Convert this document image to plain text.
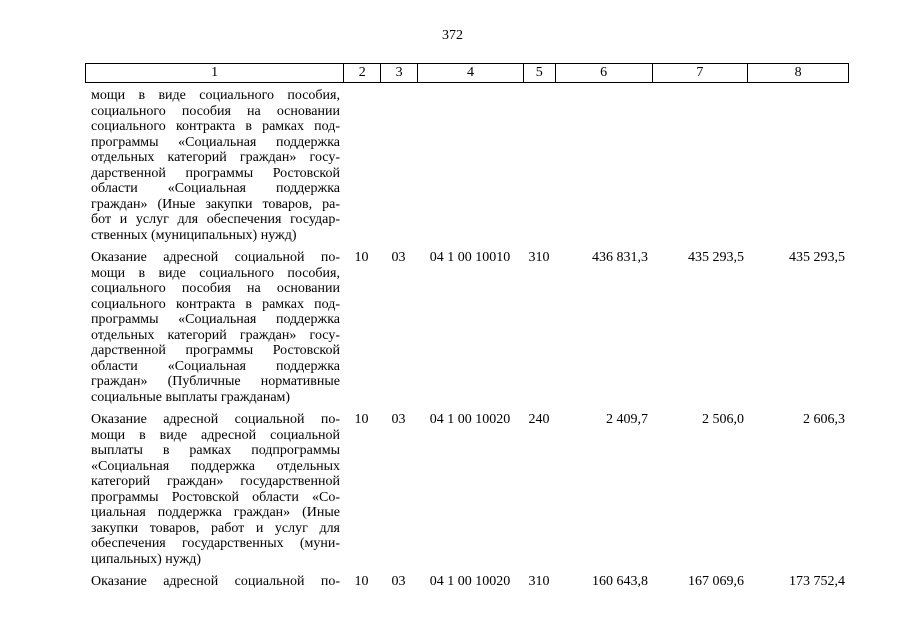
372
1	2	3	4	5	6	7	8
мощи в виде социального пособия,
социального пособия на основании
социального контракта в рамках под-
программы «Социальная поддержка
отдельных категорий граждан» госу-
дарственной программы Ростовской
области «Социальная поддержка
граждан» (Иные закупки товаров, ра-
бот и услуг для обеспечения государ-
ственных (муниципальных) нужд)
Оказание адресной социальной по-
мощи в виде социального пособия,
социального пособия на основании
социального контракта в рамках под-
программы «Социальная поддержка
отдельных категорий граждан» госу-
дарственной программы Ростовской
области «Социальная поддержка
граждан» (Публичные нормативные
социальные выплаты гражданам)
10	03	04 1 00 10010	310	436 831,3	435 293,5	435 293,5
Оказание адресной социальной по-
мощи в виде адресной социальной
выплаты в рамках подпрограммы
«Социальная поддержка отдельных
категорий граждан» государственной
программы Ростовской области «Со-
циальная поддержка граждан» (Иные
закупки товаров, работ и услуг для
обеспечения государственных (муни-
ципальных) нужд)
10	03	04 1 00 10020	240	2 409,7	2 506,0	2 606,3
Оказание адресной социальной по-	10	03	04 1 00 10020	310	160 643,8	167 069,6	173 752,4
